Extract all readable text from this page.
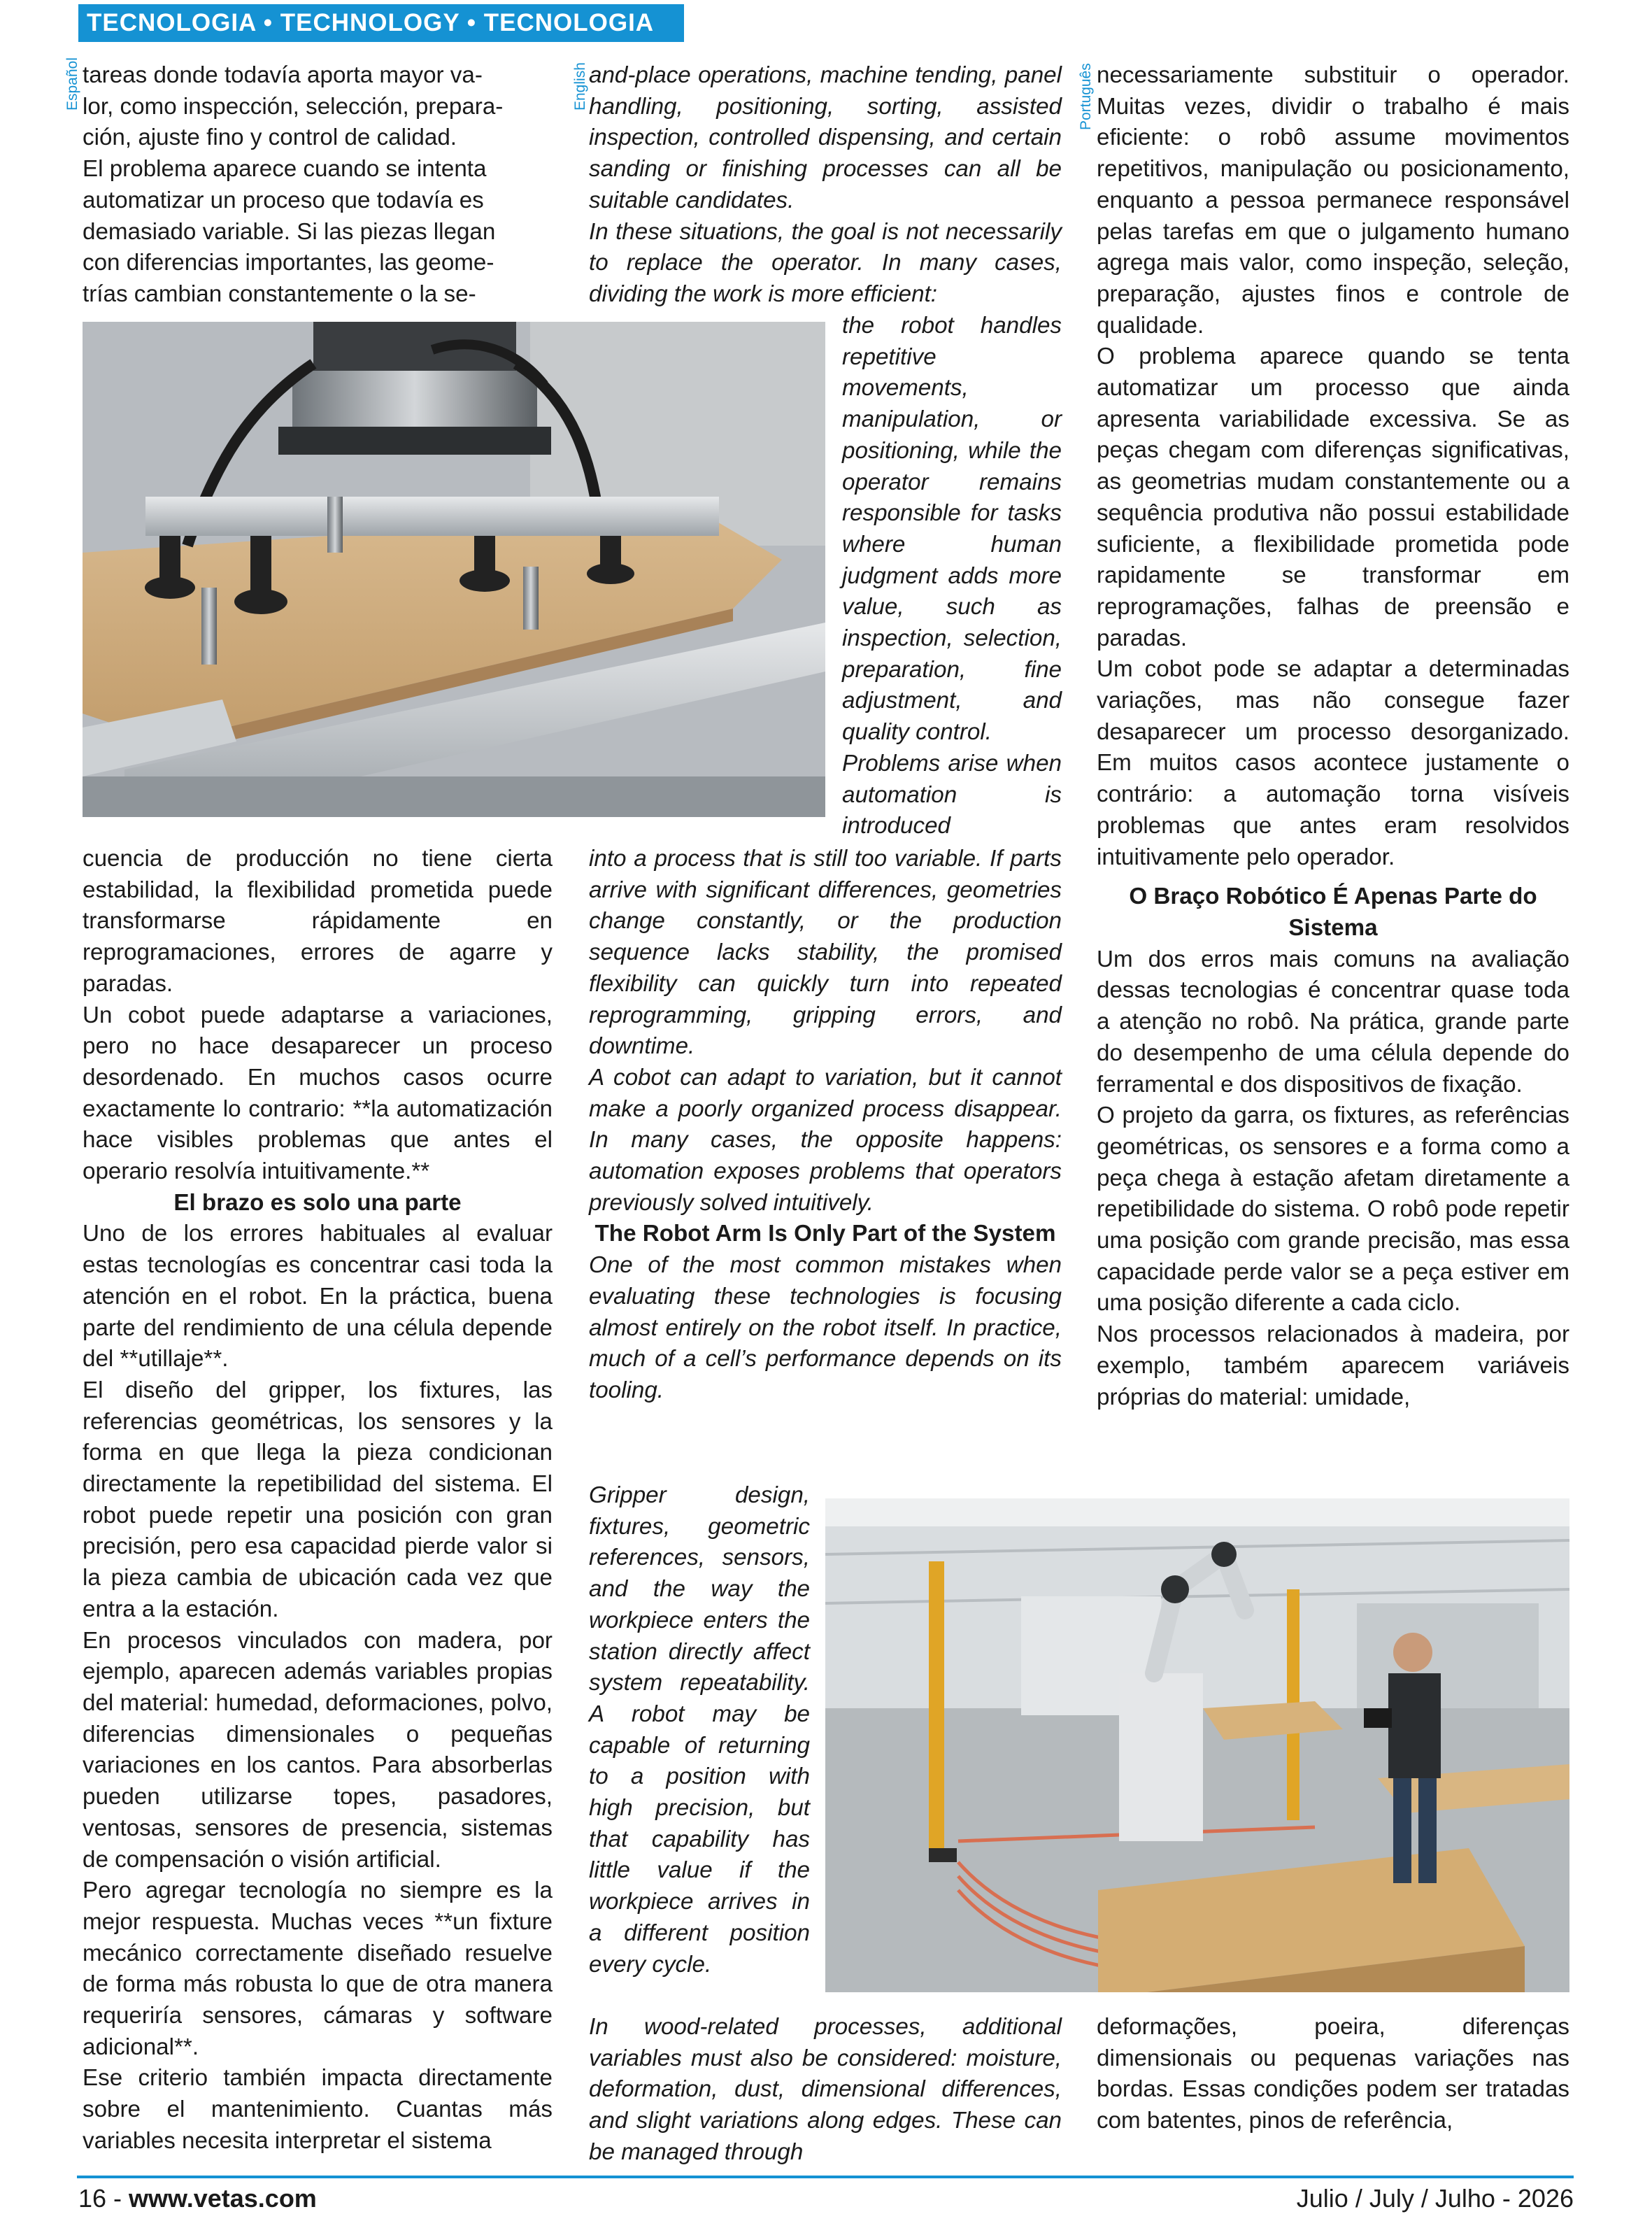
TECNOLOGIA • TECHNOLOGY • TECNOLOGIA
Español	English	Português

tareas donde todavía aporta mayor va-

lor, como inspección, selección, prepara-

ción, ajuste fino y control de calidad.

El problema aparece cuando se intenta

automatizar un proceso que todavía es

demasiado variable. Si las piezas llegan

con diferencias importantes, las geome-

trías cambian constantemente o la se-

and-place operations, machine tending, panel handling, positioning, sorting, assisted inspection, controlled dispensing, and certain sanding or finishing processes can all be suitable candidates.

In these situations, the goal is not necessarily to replace the operator. In many cases, dividing the work is more efficient:

the robot handles repetitive movements, manipulation, or positioning, while the operator remains responsible for tasks where human judgment adds more value, such as inspection, selection, preparation, fine adjustment, and quality control.

Problems arise when automation is introduced

into a process that is still too variable. If parts arrive with significant differences, geometries change constantly, or the production sequence lacks stability, the promised flexibility can quickly turn into repeated reprogramming, gripping errors, and downtime.

A cobot can adapt to variation, but it cannot make a poorly organized process disappear. In many cases, the opposite happens: automation exposes problems that operators previously solved intuitively.

The Robot Arm Is Only Part of the System

One of the most common mistakes when evaluating these technologies is focusing almost entirely on the robot itself. In practice, much of a cell’s performance depends on its tooling.

Gripper design, fixtures, geometric references, sensors, and the way the workpiece enters the station directly affect system repeatability. A robot may be capable of returning to a position with high precision, but that capability has little value if the workpiece arrives in a different position every cycle.

In wood-related processes, additional variables must also be considered: moisture, deformation, dust, dimensional differences, and slight variations along edges. These can be managed through

cuencia de producción no tiene cierta estabilidad, la flexibilidad prometida puede transformarse rápidamente en reprogramaciones, errores de agarre y paradas.

Un cobot puede adaptarse a variaciones, pero no hace desaparecer un proceso desordenado. En muchos casos ocurre exactamente lo contrario: **la automatización hace visibles problemas que antes el operario resolvía intuitivamente.**

El brazo es solo una parte

Uno de los errores habituales al evaluar estas tecnologías es concentrar casi toda la atención en el robot. En la práctica, buena parte del rendimiento de una célula depende del **utillaje**.

El diseño del gripper, los fixtures, las referencias geométricas, los sensores y la forma en que llega la pieza condicionan directamente la repetibilidad del sistema. El robot puede repetir una posición con gran precisión, pero esa capacidad pierde valor si la pieza cambia de ubicación cada vez que entra a la estación.

En procesos vinculados con madera, por ejemplo, aparecen además variables propias del material: humedad, deformaciones, polvo, diferencias dimensionales o pequeñas variaciones en los cantos. Para absorberlas pueden utilizarse topes, pasadores, ventosas, sensores de presencia, sistemas de compensación o visión artificial.

Pero agregar tecnología no siempre es la mejor respuesta. Muchas veces **un fixture mecánico correctamente diseñado resuelve de forma más robusta lo que de otra manera requeriría sensores, cámaras y software adicional**.

Ese criterio también impacta directamente sobre el mantenimiento. Cuantas más variables necesita interpretar el sistema

necessariamente substituir o operador. Muitas vezes, dividir o trabalho é mais eficiente: o robô assume movimentos repetitivos, manipulação ou posicionamento, enquanto a pessoa permanece responsável pelas tarefas em que o julgamento humano agrega mais valor, como inspeção, seleção, preparação, ajustes finos e controle de qualidade.

O problema aparece quando se tenta automatizar um processo que ainda apresenta variabilidade excessiva. Se as peças chegam com diferenças significativas, as geometrias mudam constantemente ou a sequência produtiva não possui estabilidade suficiente, a flexibilidade prometida pode rapidamente se transformar em reprogramações, falhas de preensão e paradas.

Um cobot pode se adaptar a determinadas variações, mas não consegue fazer desaparecer um processo desorganizado. Em muitos casos acontece justamente o contrário: a automação torna visíveis problemas que antes eram resolvidos intuitivamente pelo operador.

O Braço Robótico É Apenas Parte do Sistema

Um dos erros mais comuns na avaliação dessas tecnologias é concentrar quase toda a atenção no robô. Na prática, grande parte do desempenho de uma célula depende do ferramental e dos dispositivos de fixação.

O projeto da garra, os fixtures, as referências geométricas, os sensores e a forma como a peça chega à estação afetam diretamente a repetibilidade do sistema. O robô pode repetir uma posição com grande precisão, mas essa capacidade perde valor se a peça estiver em uma posição diferente a cada ciclo.

Nos processos relacionados à madeira, por exemplo, também aparecem variáveis próprias do material: umidade,

deformações, poeira, diferenças dimensionais ou pequenas variações nas bordas. Essas condições podem ser tratadas com batentes, pinos de referência,

16 - www.vetas.com	Julio / July / Julho - 2026
